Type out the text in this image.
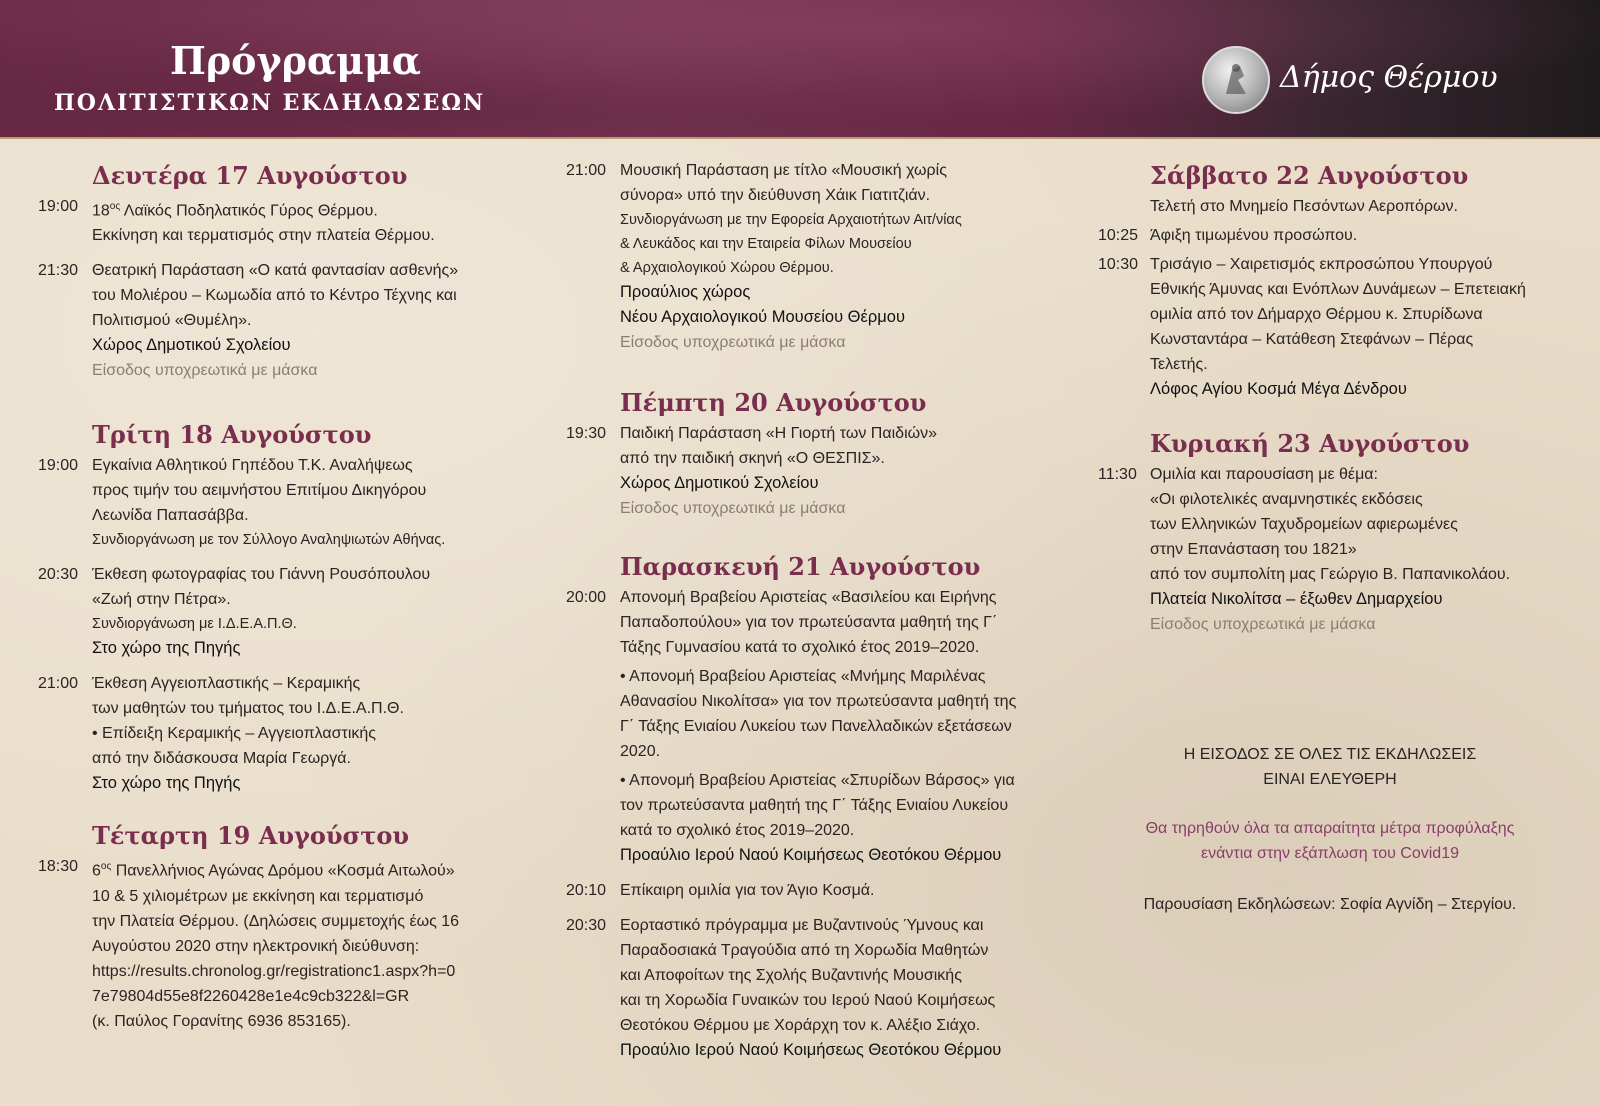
Πρόγραμμα
ΠΟΛΙΤΙΣΤΙΚΩΝ ΕΚΔΗΛΩΣΕΩΝ
Δήμος Θέρμου
Δευτέρα 17 Αυγούστου
19:00 $18^{o\varsigma}$ Λαϊκός Ποδηλατικός Γύρος Θέρμου.
Εκκίνηση και τερματισμός στην πλατεία Θέρμου.
21:30 Θεατρική Παράσταση «Ο κατά φαντασίαν ασθενής»
του Μολιέρου – Κωμωδία από το Κέντρο Τέχνης και
Πολιτισμού «Θυμέλη».
Χώρος Δημοτικού Σχολείου
Είσοδος υποχρεωτικά με μάσκα
Τρίτη 18 Αυγούστου
19:00 Εγκαίνια Αθλητικού Γηπέδου Τ.Κ. Αναλήψεως
προς τιμήν του αειμνήστου Επιτίμου Δικηγόρου
Λεωνίδα Παπασάββα.
Συνδιοργάνωση με τον Σύλλογο Αναληψιωτών Αθήνας.
20:30 Έκθεση φωτογραφίας του Γιάννη Ρουσόπουλου
«Ζωή στην Πέτρα».
Συνδιοργάνωση με Ι.Δ.Ε.Α.Π.Θ.
Στο χώρο της Πηγής
21:00 Έκθεση Αγγειοπλαστικής – Κεραμικής
των μαθητών του τμήματος του Ι.Δ.Ε.Α.Π.Θ.
• Επίδειξη Κεραμικής – Αγγειοπλαστικής
από την διδάσκουσα Μαρία Γεωργά.
Στο χώρο της Πηγής
Τέταρτη 19 Αυγούστου
18:30 $6^{o\varsigma}$ Πανελλήνιος Αγώνας Δρόμου «Κοσμά Αιτωλού»
10 & 5 χιλιομέτρων με εκκίνηση και τερματισμό
την Πλατεία Θέρμου. (Δηλώσεις συμμετοχής έως 16
Αυγούστου 2020 στην ηλεκτρονική διεύθυνση:
https://results.chronolog.gr/registrationc1.aspx?h=0
7e79804d55e8f2260428e1e4c9cb322&l=GR
(κ. Παύλος Γορανίτης 6936 853165).
21:00 Μουσική Παράσταση με τίτλο «Μουσική χωρίς
σύνορα» υπό την διεύθυνση Χάικ Γιατιτζιάν.
Συνδιοργάνωση με την Εφορεία Αρχαιοτήτων Αιτ/νίας
& Λευκάδος και την Εταιρεία Φίλων Μουσείου
& Αρχαιολογικού Χώρου Θέρμου.
Προαύλιος χώρος
Νέου Αρχαιολογικού Μουσείου Θέρμου
Είσοδος υποχρεωτικά με μάσκα
Πέμπτη 20 Αυγούστου
19:30 Παιδική Παράσταση «Η Γιορτή των Παιδιών»
από την παιδική σκηνή «Ο ΘΕΣΠΙΣ».
Χώρος Δημοτικού Σχολείου
Είσοδος υποχρεωτικά με μάσκα
Παρασκευή 21 Αυγούστου
20:00 Απονομή Βραβείου Αριστείας «Βασιλείου και Ειρήνης
Παπαδοπούλου» για τον πρωτεύσαντα μαθητή της Γ΄
Τάξης Γυμνασίου κατά το σχολικό έτος 2019–2020.
• Απονομή Βραβείου Αριστείας «Μνήμης Μαριλένας
Αθανασίου Νικολίτσα» για τον πρωτεύσαντα μαθητή της
Γ΄ Τάξης Ενιαίου Λυκείου των Πανελλαδικών εξετάσεων
2020.
• Απονομή Βραβείου Αριστείας «Σπυρίδων Βάρσος» για
τον πρωτεύσαντα μαθητή της Γ΄ Τάξης Ενιαίου Λυκείου
κατά το σχολικό έτος 2019–2020.
Προαύλιο Ιερού Ναού Κοιμήσεως Θεοτόκου Θέρμου
20:10 Επίκαιρη ομιλία για τον Άγιο Κοσμά.
20:30 Εορταστικό πρόγραμμα με Βυζαντινούς Ύμνους και
Παραδοσιακά Τραγούδια από τη Χορωδία Μαθητών
και Αποφοίτων της Σχολής Βυζαντινής Μουσικής
και τη Χορωδία Γυναικών του Ιερού Ναού Κοιμήσεως
Θεοτόκου Θέρμου με Χοράρχη τον κ. Αλέξιο Σιάχο.
Προαύλιο Ιερού Ναού Κοιμήσεως Θεοτόκου Θέρμου
Σάββατο 22 Αυγούστου
Τελετή στο Μνημείο Πεσόντων Αεροπόρων.
10:25 Άφιξη τιμωμένου προσώπου.
10:30 Τρισάγιο – Χαιρετισμός εκπροσώπου Υπουργού
Εθνικής Άμυνας και Ενόπλων Δυνάμεων – Επετειακή
ομιλία από τον Δήμαρχο Θέρμου κ. Σπυρίδωνα
Κωνσταντάρα – Κατάθεση Στεφάνων – Πέρας
Τελετής.
Λόφος Αγίου Κοσμά Μέγα Δένδρου
Κυριακή 23 Αυγούστου
11:30 Ομιλία και παρουσίαση με θέμα:
«Οι φιλοτελικές αναμνηστικές εκδόσεις
των Ελληνικών Ταχυδρομείων αφιερωμένες
στην Επανάσταση του 1821»
από τον συμπολίτη μας Γεώργιο Β. Παπανικολάου.
Πλατεία Νικολίτσα – έξωθεν Δημαρχείου
Είσοδος υποχρεωτικά με μάσκα
Η ΕΙΣΟΔΟΣ ΣΕ ΟΛΕΣ ΤΙΣ ΕΚΔΗΛΩΣΕΙΣ
ΕΙΝΑΙ ΕΛΕΥΘΕΡΗ
Θα τηρηθούν όλα τα απαραίτητα μέτρα προφύλαξης
ενάντια στην εξάπλωση του Covid19
Παρουσίαση Εκδηλώσεων: Σοφία Αγνίδη – Στεργίου.
